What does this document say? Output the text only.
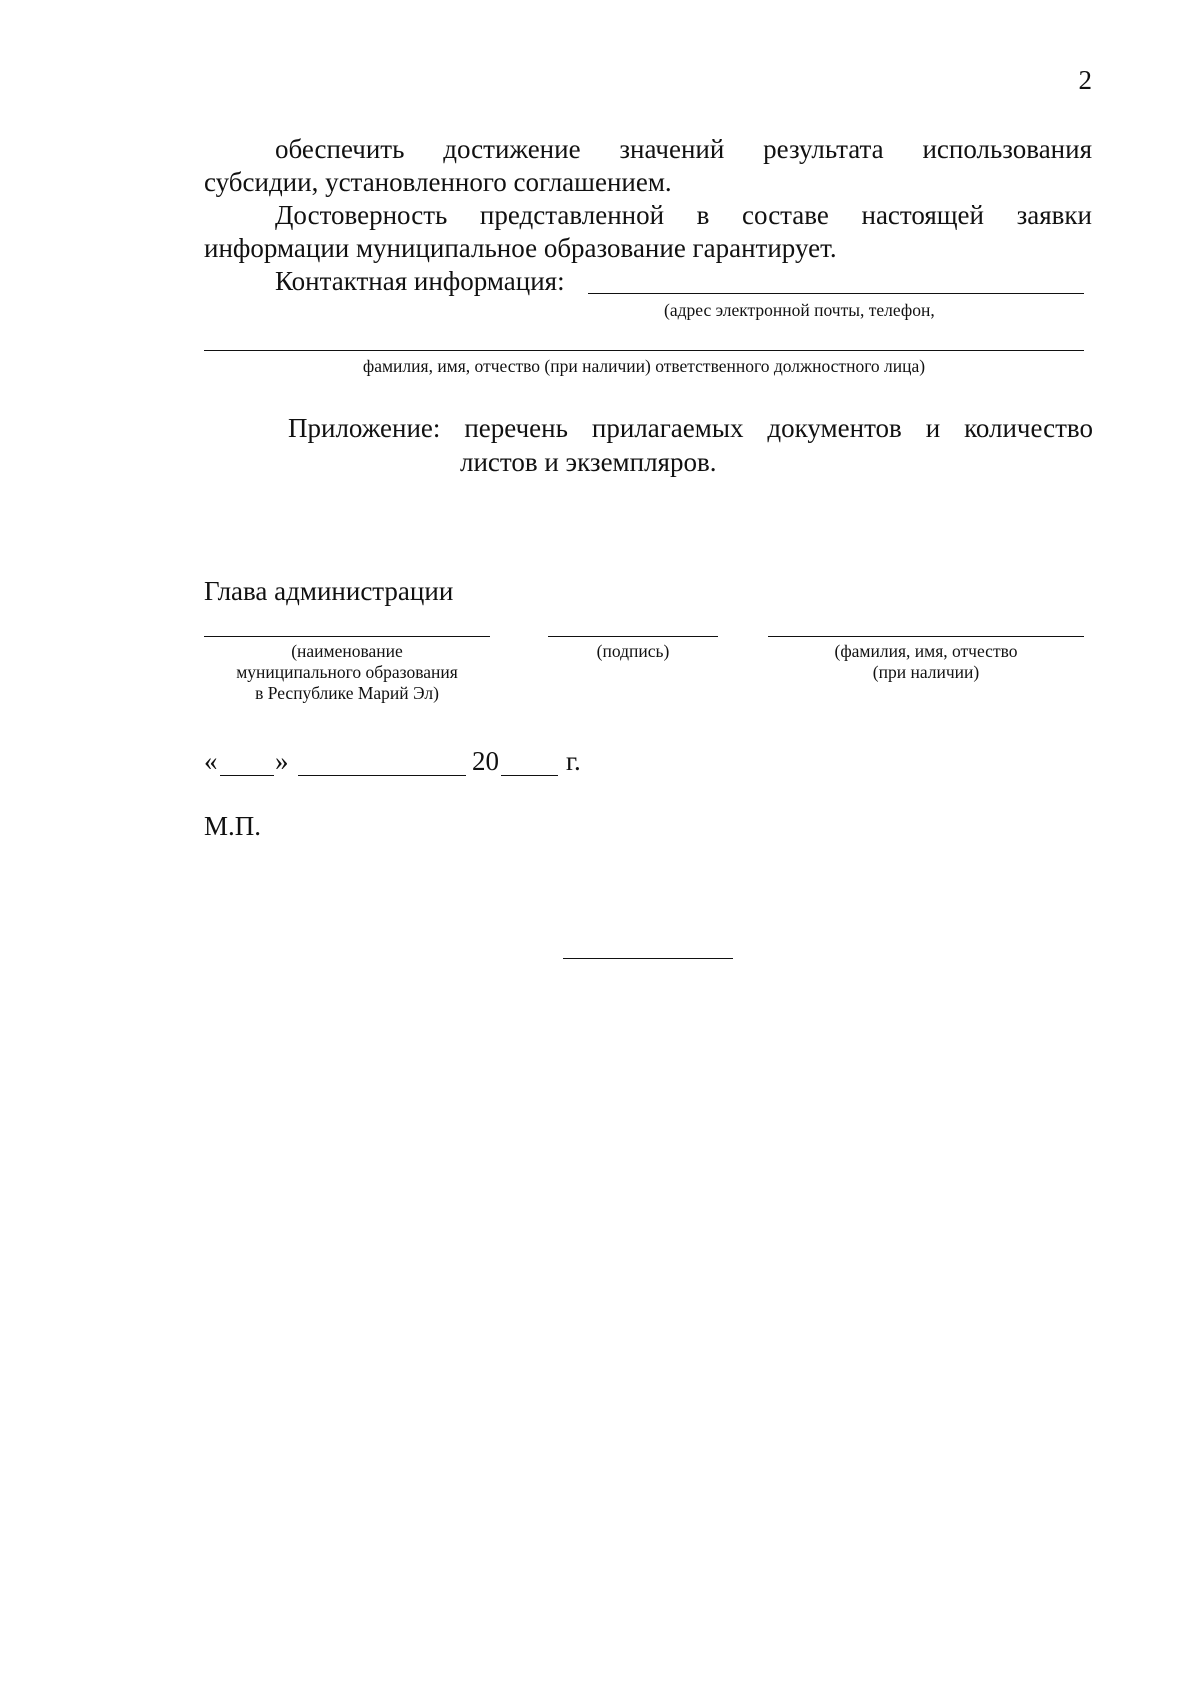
2
обеспечить достижение значений результата использования
субсидии, установленного соглашением.
Достоверность представленной в составе настоящей заявки
информации муниципальное образование гарантирует.
Контактная информация:
(адрес электронной почты, телефон,
фамилия, имя, отчество (при наличии) ответственного должностного лица)
Приложение: перечень прилагаемых документов и количество
листов и экземпляров.
Глава администрации
(наименование
муниципального образования
в Республике Марий Эл)
(подпись)	(фамилия, имя, отчество
(при наличии)
« »	20 г.
М.П.
